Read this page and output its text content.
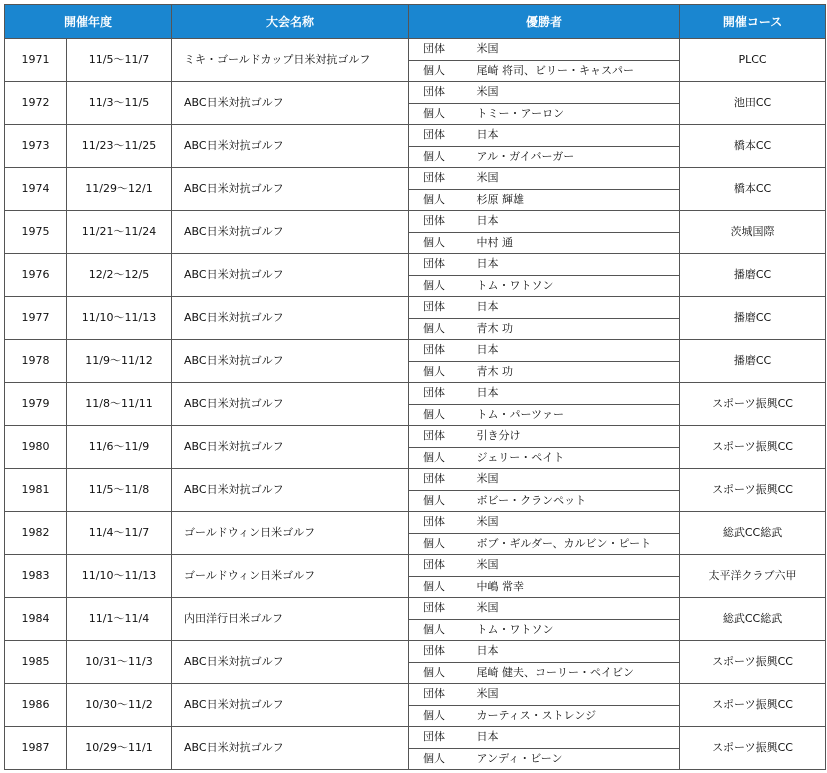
開催年度		大会名称	優勝者		開催コース
1971	11/5～11/7	ミキ・ゴールドカップ日米対抗ゴルフ	団体	米国	PLCC
			個人	尾崎 将司、ビリー・キャスパー	
1972	11/3～11/5	ABC日米対抗ゴルフ	団体	米国	池田CC
			個人	トミー・アーロン	
1973	11/23～11/25	ABC日米対抗ゴルフ	団体	日本	橋本CC
			個人	アル・ガイバーガー	
1974	11/29～12/1	ABC日米対抗ゴルフ	団体	米国	橋本CC
			個人	杉原 輝雄	
1975	11/21～11/24	ABC日米対抗ゴルフ	団体	日本	茨城国際
			個人	中村 通	
1976	12/2～12/5	ABC日米対抗ゴルフ	団体	日本	播磨CC
			個人	トム・ワトソン	
1977	11/10～11/13	ABC日米対抗ゴルフ	団体	日本	播磨CC
			個人	青木 功	
1978	11/9～11/12	ABC日米対抗ゴルフ	団体	日本	播磨CC
			個人	青木 功	
1979	11/8～11/11	ABC日米対抗ゴルフ	団体	日本	スポーツ振興CC
			個人	トム・パーツァー	
1980	11/6～11/9	ABC日米対抗ゴルフ	団体	引き分け	スポーツ振興CC
			個人	ジェリー・ペイト	
1981	11/5～11/8	ABC日米対抗ゴルフ	団体	米国	スポーツ振興CC
			個人	ボビー・クランペット	
1982	11/4～11/7	ゴールドウィン日米ゴルフ	団体	米国	総武CC総武
			個人	ボブ・ギルダー、カルビン・ピート	
1983	11/10～11/13	ゴールドウィン日米ゴルフ	団体	米国	太平洋クラブ六甲
			個人	中嶋 常幸	
1984	11/1～11/4	内田洋行日米ゴルフ	団体	米国	総武CC総武
			個人	トム・ワトソン	
1985	10/31～11/3	ABC日米対抗ゴルフ	団体	日本	スポーツ振興CC
			個人	尾崎 健夫、コーリー・ペイビン	
1986	10/30～11/2	ABC日米対抗ゴルフ	団体	米国	スポーツ振興CC
			個人	カーティス・ストレンジ	
1987	10/29～11/1	ABC日米対抗ゴルフ	団体	日本	スポーツ振興CC
			個人	アンディ・ビーン	
